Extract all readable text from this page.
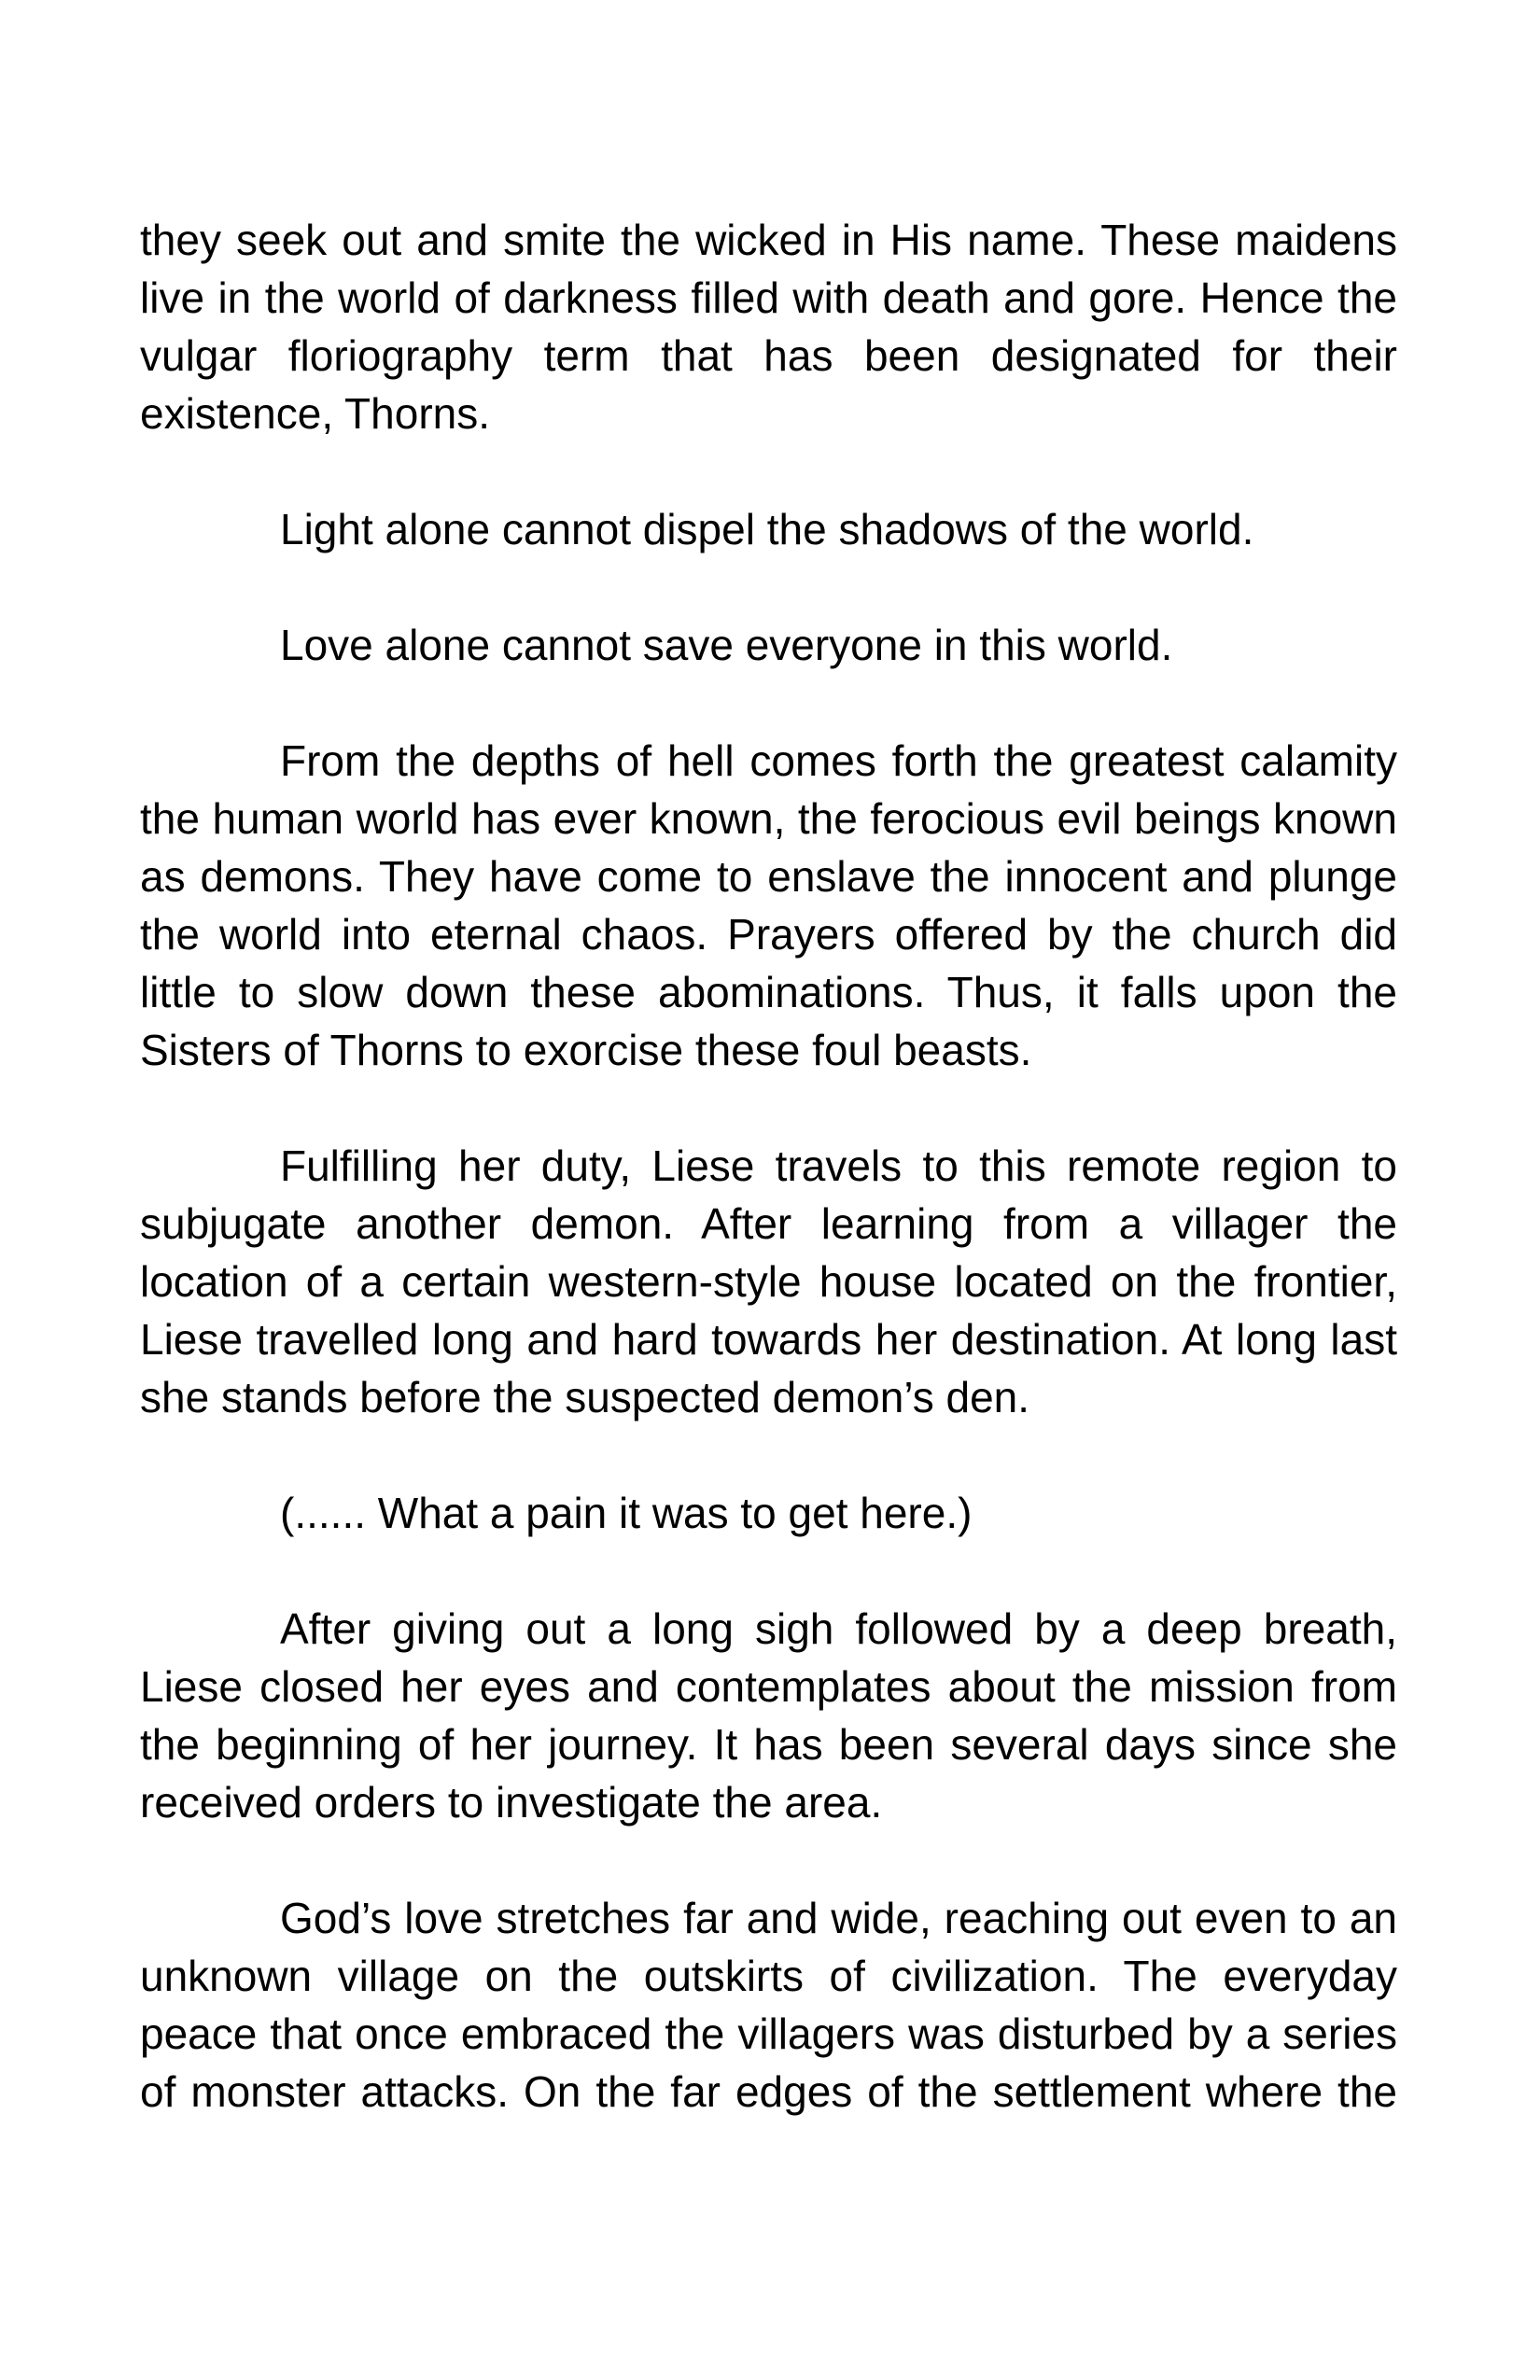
they seek out and smite the wicked in His name. These maidens
live in the world of darkness filled with death and gore. Hence the
vulgar floriography term that has been designated for their
existence, Thorns.

Light alone cannot dispel the shadows of the world.

Love alone cannot save everyone in this world.

From the depths of hell comes forth the greatest calamity
the human world has ever known, the ferocious evil beings known
as demons. They have come to enslave the innocent and plunge
the world into eternal chaos. Prayers offered by the church did
little to slow down these abominations. Thus, it falls upon the
Sisters of Thorns to exorcise these foul beasts.

Fulfilling her duty, Liese travels to this remote region to
subjugate another demon. After learning from a villager the
location of a certain western-style house located on the frontier,
Liese travelled long and hard towards her destination. At long last
she stands before the suspected demon’s den.

(...... What a pain it was to get here.)

After giving out a long sigh followed by a deep breath,
Liese closed her eyes and contemplates about the mission from
the beginning of her journey. It has been several days since she
received orders to investigate the area.

God’s love stretches far and wide, reaching out even to an
unknown village on the outskirts of civilization. The everyday
peace that once embraced the villagers was disturbed by a series
of monster attacks. On the far edges of the settlement where the
